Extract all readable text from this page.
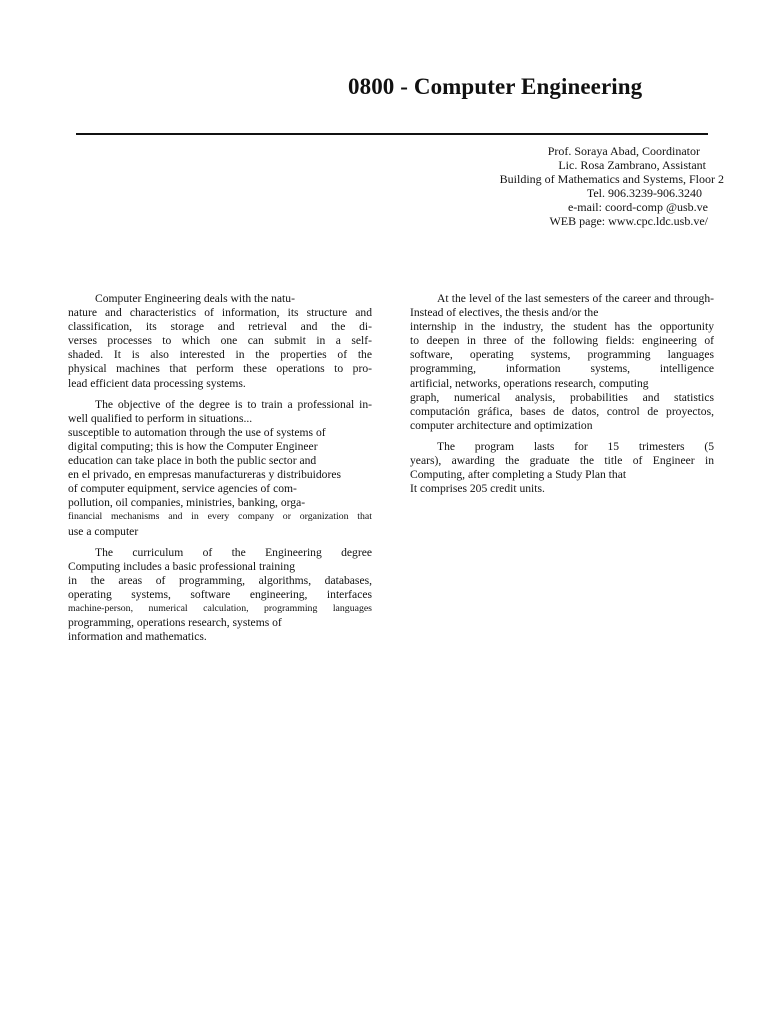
0800 - Computer Engineering
Prof. Soraya Abad, Coordinator
Lic. Rosa Zambrano, Assistant
Building of Mathematics and Systems, Floor 2
Tel. 906.3239-906.3240
e-mail: coord-comp @usb.ve
WEB page: www.cpc.ldc.usb.ve/
Computer Engineering deals with the natu-
nature and characteristics of information, its structure and
classification, its storage and retrieval and the di-
verses processes to which one can submit in a self-
shaded. It is also interested in the properties of the
physical machines that perform these operations to pro-
lead efficient data processing systems.
The objective of the degree is to train a professional in-
well qualified to perform in situations...
susceptible to automation through the use of systems of
digital computing; this is how the Computer Engineer
education can take place in both the public sector and
en el privado, en empresas manufactureras y distribuidores
of computer equipment, service agencies of com-
pollution, oil companies, ministries, banking, orga-
financial mechanisms and in every company or organization that
use a computer
The curriculum of the Engineering degree
Computing includes a basic professional training
in the areas of programming, algorithms, databases,
operating systems, software engineering, interfaces
machine-person, numerical calculation, programming languages
programming, operations research, systems of
information and mathematics.
At the level of the last semesters of the career and through-
Instead of electives, the thesis and/or the
internship in the industry, the student has the opportunity
to deepen in three of the following fields: engineering of
software, operating systems, programming languages
programming, information systems, intelligence
artificial, networks, operations research, computing
graph, numerical analysis, probabilities and statistics
computación gráfica, bases de datos, control de proyectos,
computer architecture and optimization
The program lasts for 15 trimesters (5
years), awarding the graduate the title of Engineer in
Computing, after completing a Study Plan that
It comprises 205 credit units.
